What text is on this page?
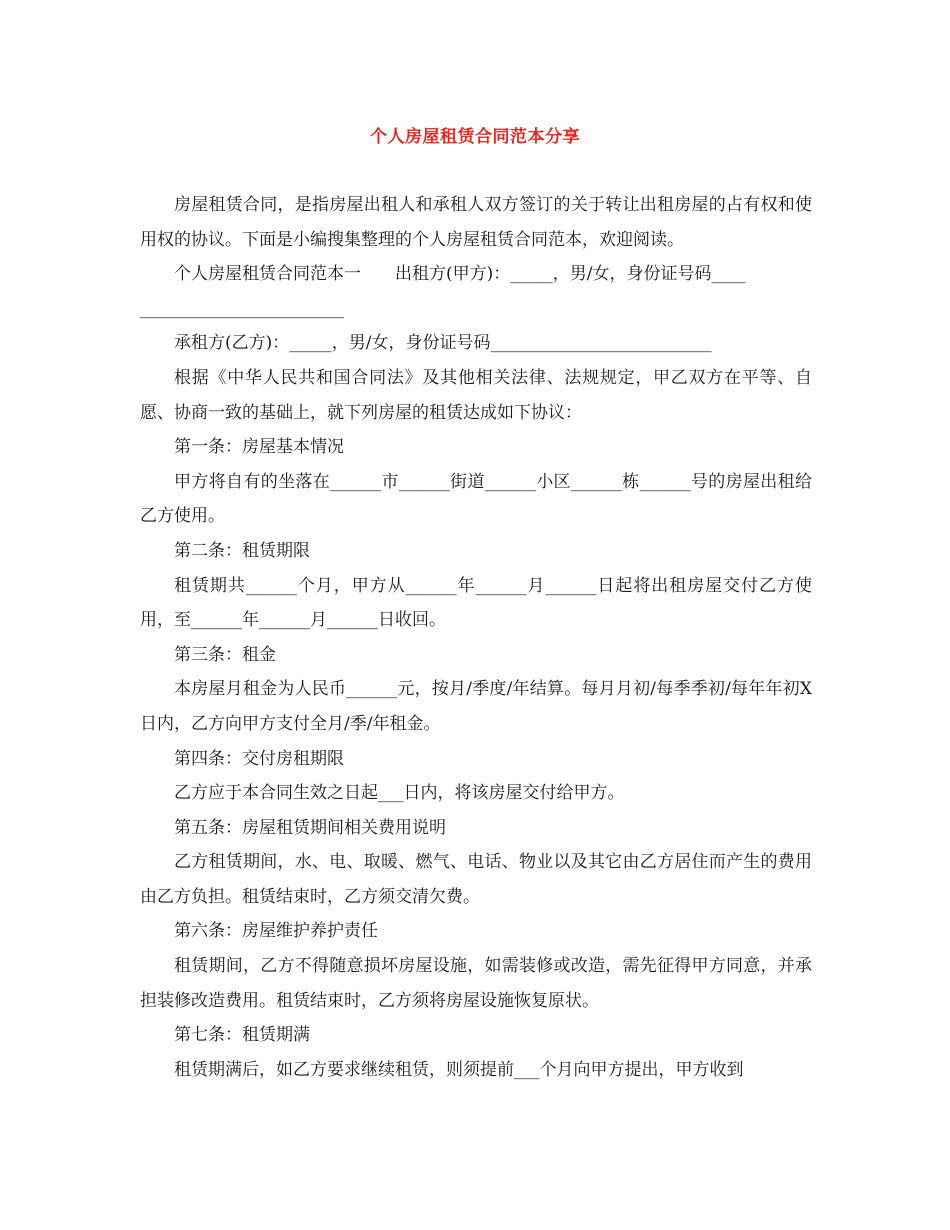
个人房屋租赁合同范本分享

房屋租赁合同，是指房屋出租人和承租人双方签订的关于转让出租房屋的占有权和使用权的协议。下面是小编搜集整理的个人房屋租赁合同范本，欢迎阅读。

个人房屋租赁合同范本一　　出租方(甲方)：_____，男/女，身份证号码____

________________________

承租方(乙方)：_____，男/女，身份证号码__________________________

根据《中华人民共和国合同法》及其他相关法律、法规规定，甲乙双方在平等、自愿、协商一致的基础上，就下列房屋的租赁达成如下协议：

第一条：房屋基本情况

甲方将自有的坐落在______市______街道______小区______栋______号的房屋出租给乙方使用。

第二条：租赁期限

租赁期共______个月，甲方从______年______月______日起将出租房屋交付乙方使用，至______年______月______日收回。

第三条：租金

本房屋月租金为人民币______元，按月/季度/年结算。每月月初/每季季初/每年年初X日内，乙方向甲方支付全月/季/年租金。

第四条：交付房租期限

乙方应于本合同生效之日起___日内，将该房屋交付给甲方。

第五条：房屋租赁期间相关费用说明

乙方租赁期间，水、电、取暖、燃气、电话、物业以及其它由乙方居住而产生的费用由乙方负担。租赁结束时，乙方须交清欠费。

第六条：房屋维护养护责任

租赁期间，乙方不得随意损坏房屋设施，如需装修或改造，需先征得甲方同意，并承担装修改造费用。租赁结束时，乙方须将房屋设施恢复原状。

第七条：租赁期满

租赁期满后，如乙方要求继续租赁，则须提前___个月向甲方提出，甲方收到
